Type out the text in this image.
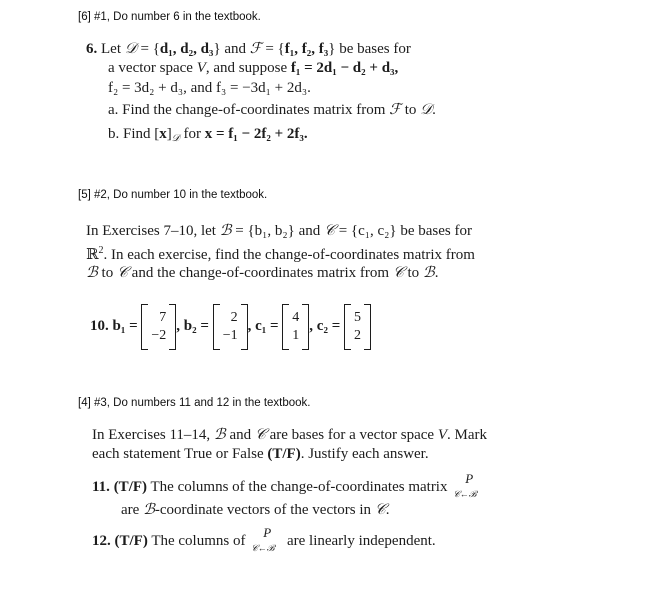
[6] #1, Do number 6 in the textbook.
6. Let 𝒟 = {d₁, d₂, d₃} and ℱ = {f₁, f₂, f₃} be bases for
a vector space V, and suppose f₁ = 2d₁ − d₂ + d₃,
f₂ = 3d₂ + d₃, and f₃ = −3d₁ + 2d₃.
a. Find the change-of-coordinates matrix from ℱ to 𝒟.
b. Find $[x]_𝒟$ for x = f₁ − 2f₂ + 2f₃.
[5] #2, Do number 10 in the textbook.
In Exercises 7–10, let ℬ = {b₁, b₂} and 𝒞 = {c₁, c₂} be bases for
ℝ$^2$. In each exercise, find the change-of-coordinates matrix from
ℬ to 𝒞 and the change-of-coordinates matrix from 𝒞 to ℬ.
10. b₁ =
7
−2
, b₂ =
2
−1
, c₁ =
4
1
, c₂ =
5
2
[4] #3, Do numbers 11 and 12 in the textbook.
In Exercises 11–14, ℬ and 𝒞 are bases for a vector space V. Mark
each statement True or False (T/F). Justify each answer.
11. (T/F) The columns of the change-of-coordinates matrix
P
𝒞←ℬ
are ℬ-coordinate vectors of the vectors in 𝒞.
12. (T/F) The columns of
P
𝒞←ℬ are linearly independent.
